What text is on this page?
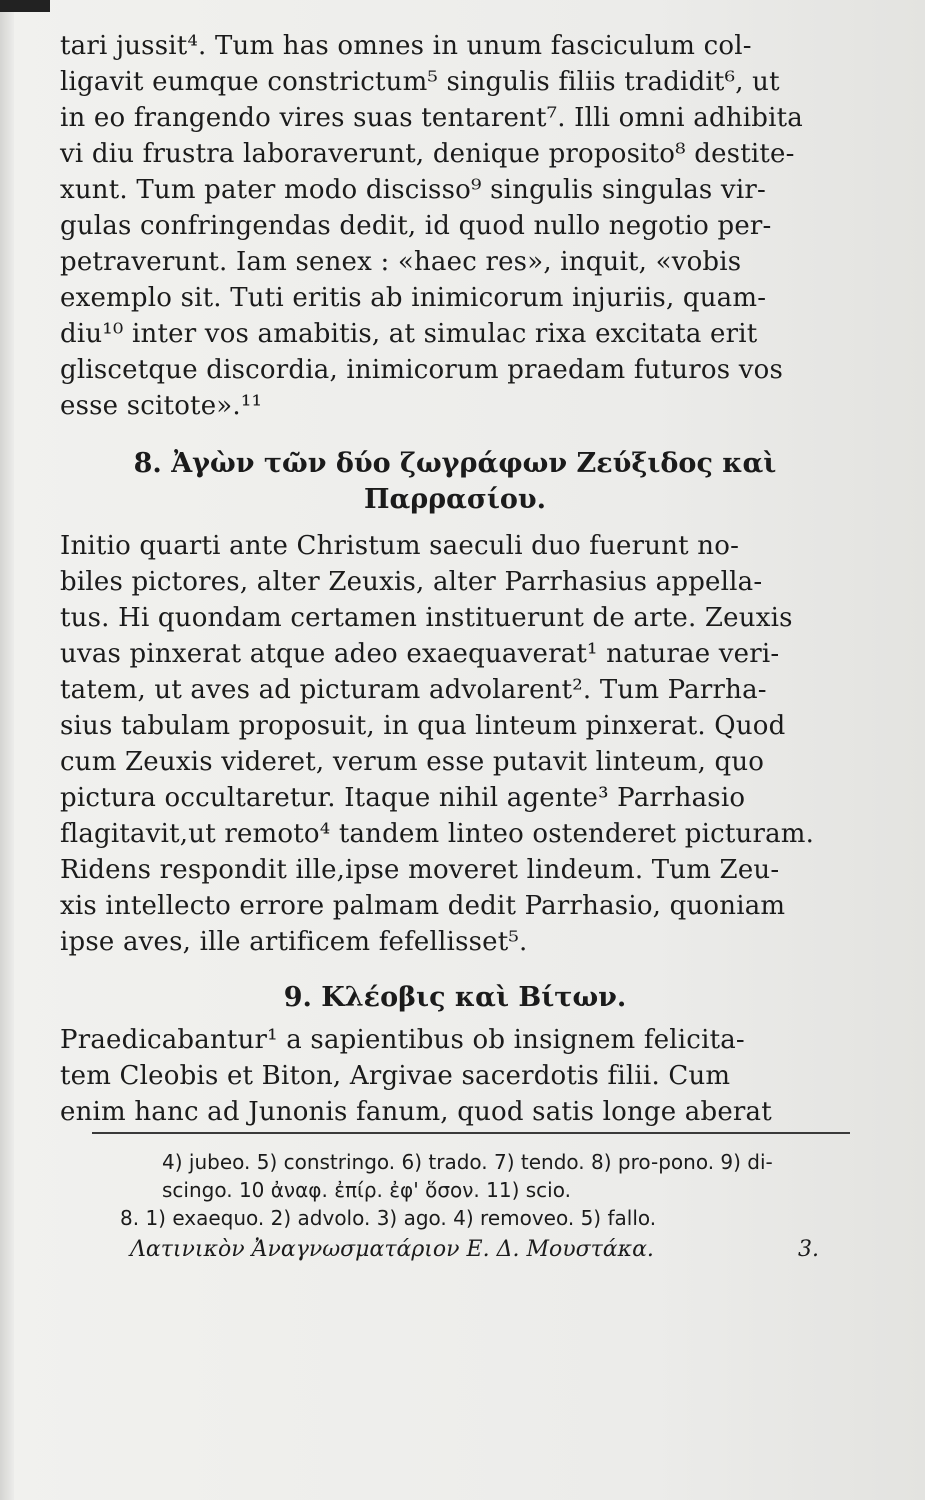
tari jussit⁴. Tum has omnes in unum fasciculum col-
ligavit eumque constrictum⁵ singulis filiis tradidit⁶, ut
in eo frangendo vires suas tentarent⁷. Illi omni adhibita
vi diu frustra laboraverunt, denique proposito⁸ destite-
xunt. Tum pater modo discisso⁹ singulis singulas vir-
gulas confringendas dedit, id quod nullo negotio per-
petraverunt. Iam senex : «haec res», inquit, «vobis
exemplo sit. Tuti eritis ab inimicorum injuriis, quam-
diu¹⁰ inter vos amabitis, at simulac rixa excitata erit
gliscetque discordia, inimicorum praedam futuros vos
esse scitote».¹¹
8. Ἀγὼν τῶν δύο ζωγράφων Ζεύξιδος καὶ
Παρρασίου.
Initio quarti ante Christum saeculi duo fuerunt no-
biles pictores, alter Zeuxis, alter Parrhasius appella-
tus. Hi quondam certamen instituerunt de arte. Zeuxis
uvas pinxerat atque adeo exaequaverat¹ naturae veri-
tatem, ut aves ad picturam advolarent². Tum Parrha-
sius tabulam proposuit, in qua linteum pinxerat. Quod
cum Zeuxis videret, verum esse putavit linteum, quo
pictura occultaretur. Itaque nihil agente³ Parrhasio
flagitavit,ut remoto⁴ tandem linteo ostenderet picturam.
Ridens respondit ille,ipse moveret lindeum. Tum Zeu-
xis intellecto errore palmam dedit Parrhasio, quoniam
ipse aves, ille artificem fefellisset⁵.
9. Κλέοβις καὶ Βίτων.
Praedicabantur¹ a sapientibus ob insignem felicita-
tem Cleobis et Biton, Argivae sacerdotis filii. Cum
enim hanc ad Junonis fanum, quod satis longe aberat
4) jubeo. 5) constringo. 6) trado. 7) tendo. 8) pro-pono. 9) di-
scingo. 10 ἀναφ. ἐπίρ. ἐφ' ὅσον. 11) scio.
8. 1) exaequo. 2) advolo. 3) ago. 4) removeo. 5) fallo.
Λατινικὸν Ἀναγνωσματάριον Ε. Δ. Μουστάκα.	3.
